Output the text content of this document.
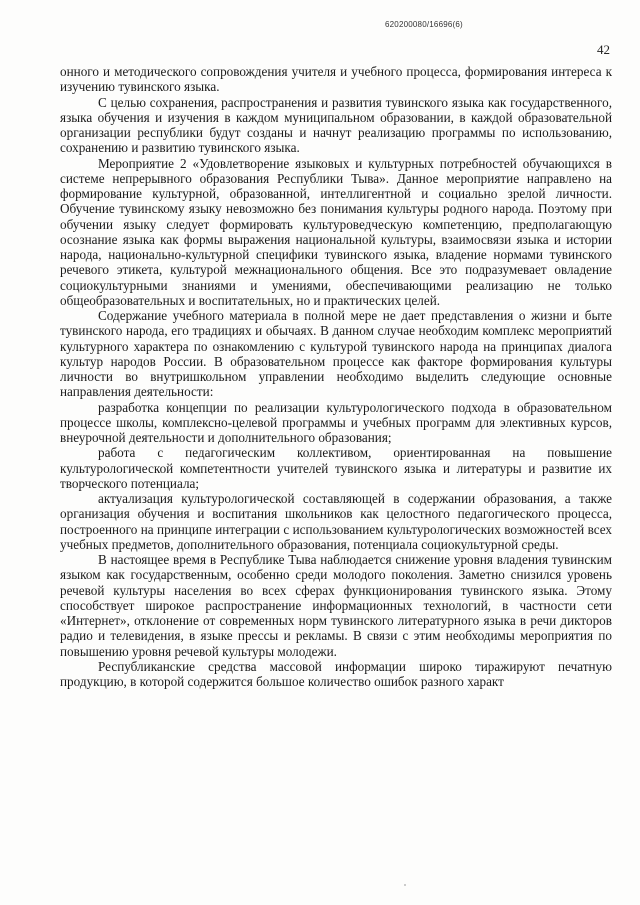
620200080/16696(6)
42

онного и методического сопровождения учителя и учебного процесса, формирования интереса к изучению тувинского языка.

С целью сохранения, распространения и развития тувинского языка как государственного, языка обучения и изучения в каждом муниципальном образовании, в каждой образовательной организации республики будут созданы и начнут реализацию программы по использованию, сохранению и развитию тувинского языка.

Мероприятие 2 «Удовлетворение языковых и культурных потребностей обучающихся в системе непрерывного образования Республики Тыва». Данное мероприятие направлено на формирование культурной, образованной, интеллигентной и социально зрелой личности. Обучение тувинскому языку невозможно без понимания культуры родного народа. Поэтому при обучении языку следует формировать культуроведческую компетенцию, предполагающую осознание языка как формы выражения национальной культуры, взаимосвязи языка и истории народа, национально-культурной специфики тувинского языка, владение нормами тувинского речевого этикета, культурой межнационального общения. Все это подразумевает овладение социокультурными знаниями и умениями, обеспечивающими реализацию не только общеобразовательных и воспитательных, но и практических целей.

Содержание учебного материала в полной мере не дает представления о жизни и быте тувинского народа, его традициях и обычаях. В данном случае необходим комплекс мероприятий культурного характера по ознакомлению с культурой тувинского народа на принципах диалога культур народов России. В образовательном процессе как факторе формирования культуры личности во внутришкольном управлении необходимо выделить следующие основные направления деятельности:

разработка концепции по реализации культурологического подхода в образовательном процессе школы, комплексно-целевой программы и учебных программ для элективных курсов, внеурочной деятельности и дополнительного образования;

работа с педагогическим коллективом, ориентированная на повышение культурологической компетентности учителей тувинского языка и литературы и развитие их творческого потенциала;

актуализация культурологической составляющей в содержании образования, а также организация обучения и воспитания школьников как целостного педагогического процесса, построенного на принципе интеграции с использованием культурологических возможностей всех учебных предметов, дополнительного образования, потенциала социокультурной среды.

В настоящее время в Республике Тыва наблюдается снижение уровня владения тувинским языком как государственным, особенно среди молодого поколения. Заметно снизился уровень речевой культуры населения во всех сферах функционирования тувинского языка. Этому способствует широкое распространение информационных технологий, в частности сети «Интернет», отклонение от современных норм тувинского литературного языка в речи дикторов радио и телевидения, в языке прессы и рекламы. В связи с этим необходимы мероприятия по повышению уровня речевой культуры молодежи.

Республиканские средства массовой информации широко тиражируют печатную продукцию, в которой содержится большое количество ошибок разного характ
